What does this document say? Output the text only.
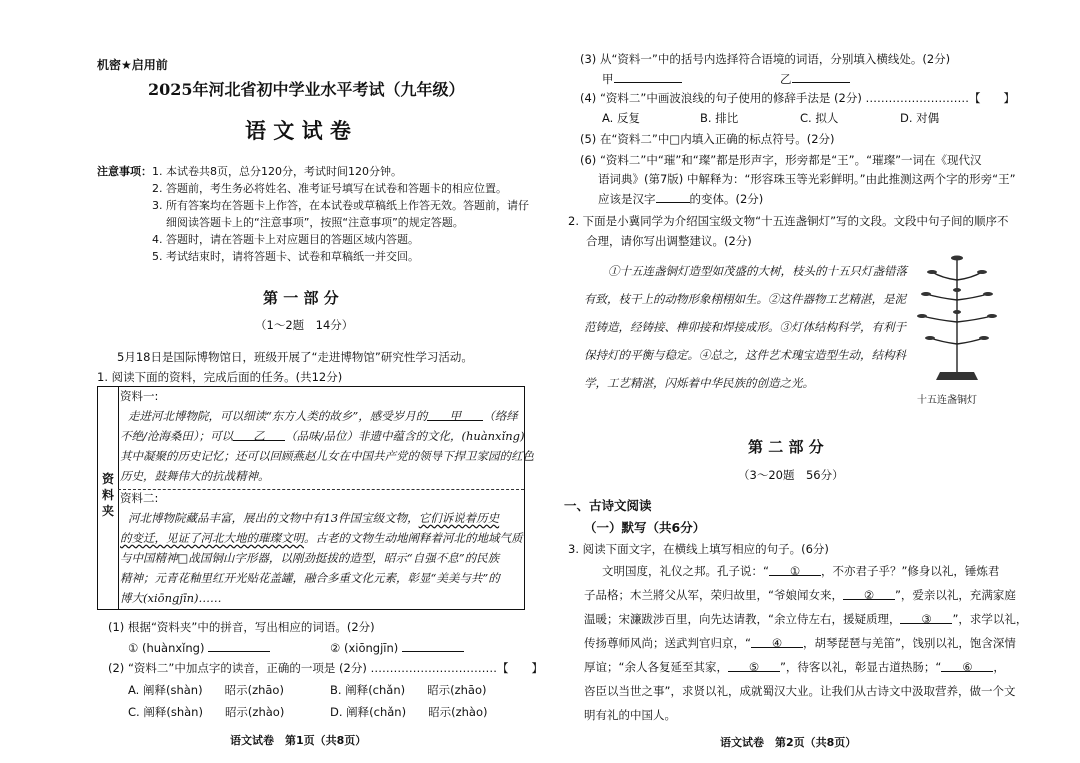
机密★启用前
2025年河北省初中学业水平考试（九年级）
语 文 试 卷
注意事项： 1. 本试卷共8页，总分120分，考试时间120分钟。
2. 答题前，考生务必将姓名、准考证号填写在试卷和答题卡的相应位置。
3. 所有答案均在答题卡上作答，在本试卷或草稿纸上作答无效。答题前，请仔
细阅读答题卡上的“注意事项”，按照“注意事项”的规定答题。
4. 答题时，请在答题卡上对应题目的答题区域内答题。
5. 考试结束时，请将答题卡、试卷和草稿纸一并交回。
第 一 部 分
（1～2题　14分）
5月18日是国际博物馆日，班级开展了“走进博物馆”研究性学习活动。
1. 阅读下面的资料，完成后面的任务。(共12分)
资料夹
资料一:
走进河北博物院，可以细读“东方人类的故乡”，感受岁月的 甲 （络绎
不绝/沧海桑田）；可以 乙 （品味/品位）非遗中蕴含的文化，(huànxǐng)
其中凝聚的历史记忆；还可以回顾燕赵儿女在中国共产党的领导下捍卫家园的红色
历史，鼓舞伟大的抗战精神。
资料二:
河北博物院藏品丰富，展出的文物中有13件国宝级文物，它们诉说着历史
的变迁，见证了河北大地的璀璨文明。古老的文物生动地阐释着河北的地域气质
与中国精神□战国铜山字形器，以刚劲挺拔的造型，昭示“自强不息”的民族
精神；元青花釉里红开光贴花盖罐，融合多重文化元素，彰显“美美与共”的
博大(xiōngjīn)……
(1) 根据“资料夹”中的拼音，写出相应的词语。(2分)
① (huànxǐng)	② (xiōngjīn)
(2) “资料二”中加点字的读音，正确的一项是 (2分) ……………………………【　　】
A. 阐释(shàn) 昭示(zhāo)	B. 阐释(chǎn) 昭示(zhāo)
C. 阐释(shàn) 昭示(zhào)	D. 阐释(chǎn) 昭示(zhào)
语文试卷　第1页（共8页）
(3) 从“资料一”中的括号内选择符合语境的词语，分别填入横线处。(2分)
甲	乙
(4) “资料二”中画波浪线的句子使用的修辞手法是 (2分) ………………………【　　】
A. 反复	B. 排比	C. 拟人	D. 对偶
(5) 在“资料二”中□内填入正确的标点符号。(2分)
(6) “资料二”中“璀”和“璨”都是形声字，形旁都是“王”。“璀璨”一词在《现代汉
语词典》(第7版) 中解释为：“形容珠玉等光彩鲜明。”由此推测这两个字的形旁“王”
应该是汉字	的变体。(2分)
2. 下面是小冀同学为介绍国宝级文物“十五连盏铜灯”写的文段。文段中句子间的顺序不
合理，请你写出调整建议。(2分)
①十五连盏铜灯造型如茂盛的大树，枝头的十五只灯盏错落
有致，枝干上的动物形象栩栩如生。②这件器物工艺精湛，是泥
范铸造，经铸接、榫卯接和焊接成形。③灯体结构科学，有利于
保持灯的平衡与稳定。④总之，这件艺术瑰宝造型生动，结构科
学，工艺精湛，闪烁着中华民族的创造之光。
第 二 部 分
（3～20题　56分）
一、古诗文阅读
（一）默写（共6分）
3. 阅读下面文字，在横线上填写相应的句子。(6分)
文明国度，礼仪之邦。孔子说：“ ① ，不亦君子乎？”修身以礼，锤炼君
子品格；木兰將父从军，荣归故里，“爷娘闻女来， ② ”，爱亲以礼，充满家庭
温暖；宋濂跋涉百里，向先达请教，“余立侍左右，援疑质理， ③ ”，求学以礼，
传扬尊师风尚；送武判官归京，“ ④ ，胡琴琵琶与羌笛”，饯别以礼，饱含深情
厚谊；“余人各复延至其家， ⑤ ”，待客以礼，彰显古道热肠；“ ⑥ ，
咨臣以当世之事”，求贤以礼，成就蜀汉大业。让我们从古诗文中汲取营养，做一个文
明有礼的中国人。
语文试卷　第2页（共8页）
十五连盏铜灯
